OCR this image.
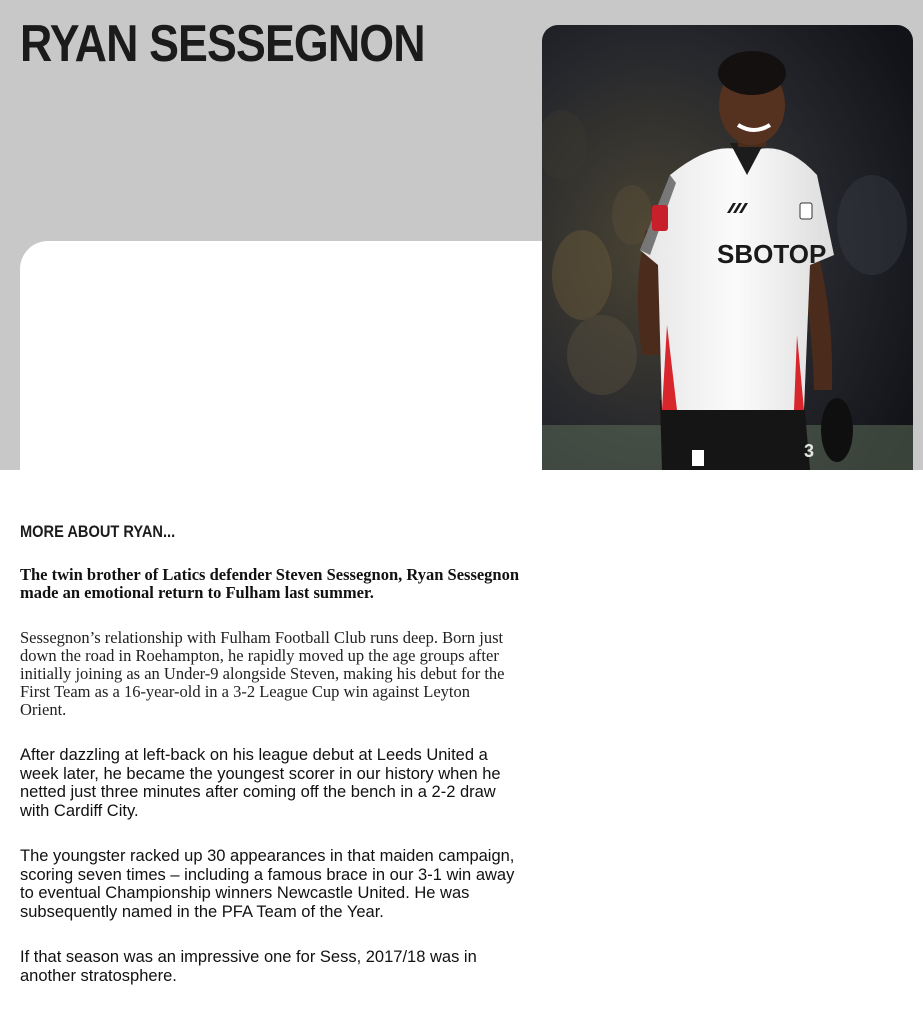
RYAN SESSEGNON
SBOTOP
3
MORE ABOUT RYAN...

The twin brother of Latics defender Steven Sessegnon, Ryan Sessegnon made an emotional return to Fulham last summer.

Sessegnon’s relationship with Fulham Football Club runs deep. Born just down the road in Roehampton, he rapidly moved up the age groups after initially joining as an Under-9 alongside Steven, making his debut for the First Team as a 16-year-old in a 3-2 League Cup win against Leyton Orient.

After dazzling at left-back on his league debut at Leeds United a week later, he became the youngest scorer in our history when he netted just three minutes after coming off the bench in a 2-2 draw with Cardiff City.

The youngster racked up 30 appearances in that maiden campaign, scoring seven times – including a famous brace in our 3-1 win away to eventual Championship winners Newcastle United. He was subsequently named in the PFA Team of the Year.

If that season was an impressive one for Sess, 2017/18 was in another stratosphere.
